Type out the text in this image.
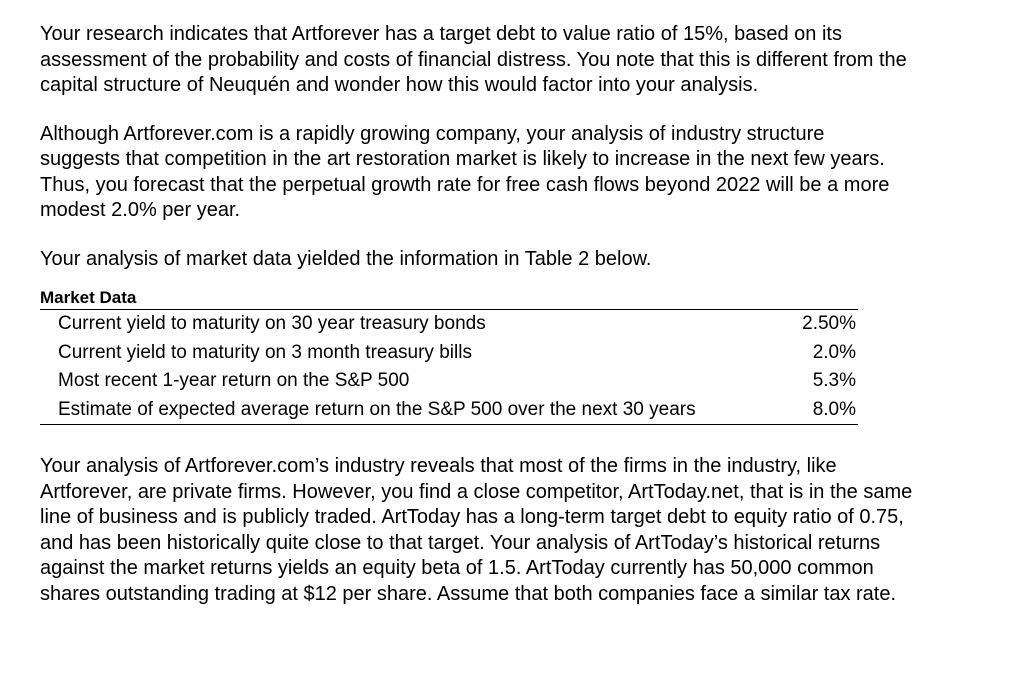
Your research indicates that Artforever has a target debt to value ratio of 15%, based on its assessment of the probability and costs of financial distress. You note that this is different from the capital structure of Neuquén and wonder how this would factor into your analysis.

Although Artforever.com is a rapidly growing company, your analysis of industry structure suggests that competition in the art restoration market is likely to increase in the next few years. Thus, you forecast that the perpetual growth rate for free cash flows beyond 2022 will be a more modest 2.0% per year.

Your analysis of market data yielded the information in Table 2 below.

Market Data
Current yield to maturity on 30 year treasury bonds	2.50%
Current yield to maturity on 3 month treasury bills	2.0%
Most recent 1-year return on the S&P 500	5.3%
Estimate of expected average return on the S&P 500 over the next 30 years	8.0%

Your analysis of Artforever.com’s industry reveals that most of the firms in the industry, like Artforever, are private firms. However, you find a close competitor, ArtToday.net, that is in the same line of business and is publicly traded. ArtToday has a long-term target debt to equity ratio of 0.75, and has been historically quite close to that target. Your analysis of ArtToday’s historical returns against the market returns yields an equity beta of 1.5. ArtToday currently has 50,000 common shares outstanding trading at $12 per share. Assume that both companies face a similar tax rate.
